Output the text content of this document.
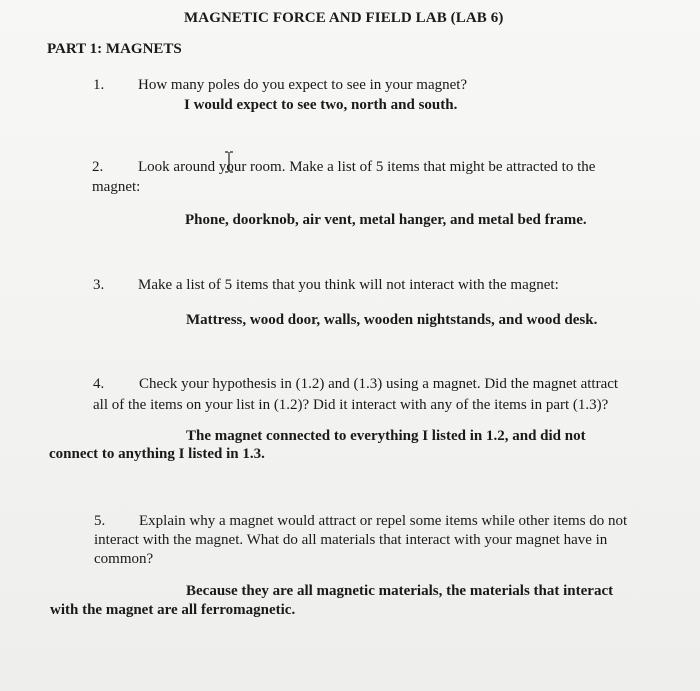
MAGNETIC FORCE AND FIELD LAB (LAB 6)
PART 1: MAGNETS
1. How many poles do you expect to see in your magnet?
I would expect to see two, north and south.
2. Look around your room. Make a list of 5 items that might be attracted to the
magnet:
Phone, doorknob, air vent, metal hanger, and metal bed frame.
3. Make a list of 5 items that you think will not interact with the magnet:
Mattress, wood door, walls, wooden nightstands, and wood desk.
4. Check your hypothesis in (1.2) and (1.3) using a magnet. Did the magnet attract
all of the items on your list in (1.2)? Did it interact with any of the items in part (1.3)?
The magnet connected to everything I listed in 1.2, and did not
connect to anything I listed in 1.3.
5. Explain why a magnet would attract or repel some items while other items do not
interact with the magnet. What do all materials that interact with your magnet have in
common?
Because they are all magnetic materials, the materials that interact
with the magnet are all ferromagnetic.
